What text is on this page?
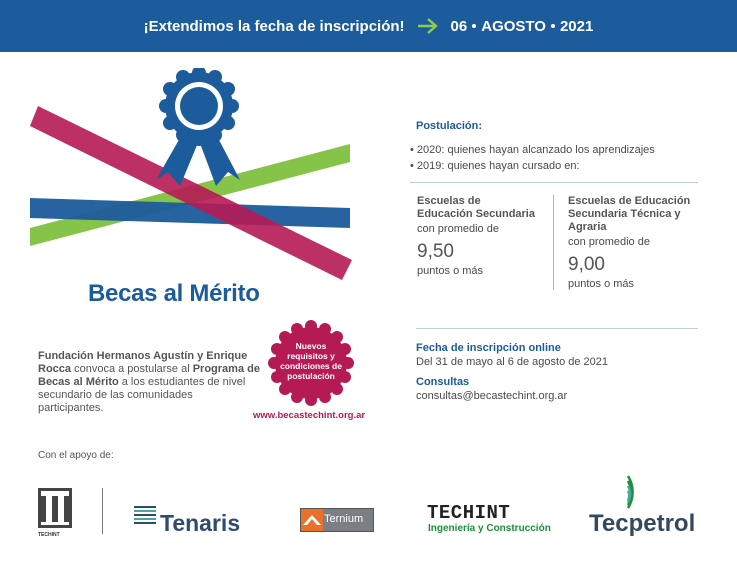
¡Extendimos la fecha de inscripción!	06 AGOSTO 2021
Becas al Mérito
Postulación:
• 2020: quienes hayan alcanzado los aprendizajes
• 2019: quienes hayan cursado en:
Escuelas de
Educación Secundaria
con promedio de
9,50
puntos o más
Escuelas de Educación
Secundaria Técnica y Agraria
con promedio de
9,00
puntos o más
Fecha de inscripción online
Del 31 de mayo al 6 de agosto de 2021
Consultas
consultas@becastechint.org.ar
Fundación Hermanos Agustín y Enrique Rocca convoca a postularse al Programa de Becas al Mérito a los estudiantes de nivel secundario de las comunidades participantes.
Nuevos
requisitos y
condiciones de
postulación
www.becastechint.org.ar
Con el apoyo de:
TECHINT	Tenaris	Ternium	TECHINT
Ingeniería y Construcción Tecpetrol
